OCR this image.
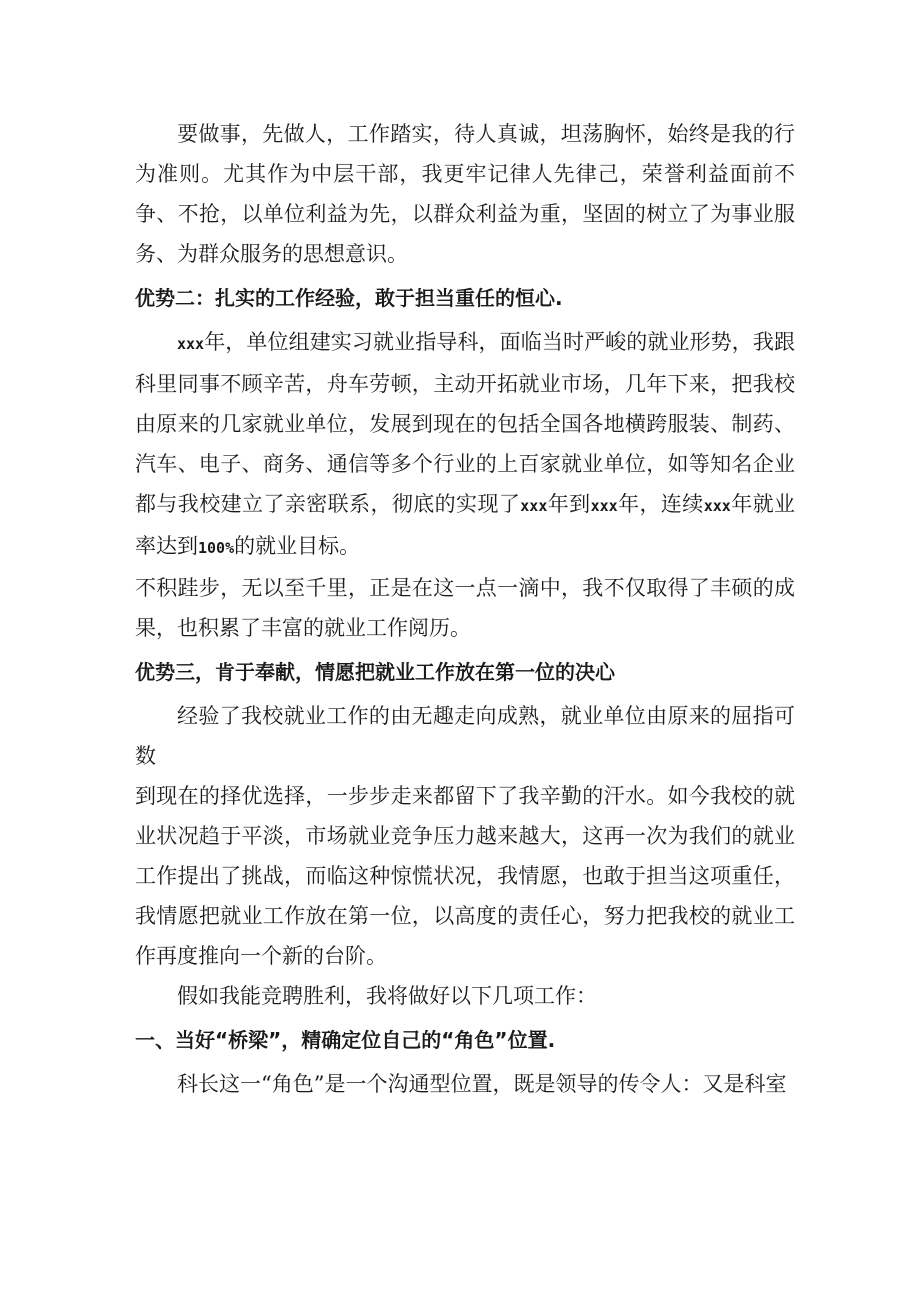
要做事，先做人，工作踏实，待人真诚，坦荡胸怀，始终是我的行为准则。尤其作为中层干部，我更牢记律人先律己，荣誉利益面前不争、不抢，以单位利益为先，以群众利益为重，坚固的树立了为事业服务、为群众服务的思想意识。

优势二：扎实的工作经验，敢于担当重任的恒心.

xxx年，单位组建实习就业指导科，面临当时严峻的就业形势，我跟科里同事不顾辛苦，舟车劳顿，主动开拓就业市场，几年下来，把我校由原来的几家就业单位，发展到现在的包括全国各地横跨服装、制药、汽车、电子、商务、通信等多个行业的上百家就业单位，如等知名企业都与我校建立了亲密联系，彻底的实现了xxx年到xxx年，连续xxx年就业率达到100%的就业目标。

不积跬步，无以至千里，正是在这一点一滴中，我不仅取得了丰硕的成果，也积累了丰富的就业工作阅历。

优势三，肯于奉献，情愿把就业工作放在第一位的决心

经验了我校就业工作的由无趣走向成熟，就业单位由原来的屈指可数

到现在的择优选择，一步步走来都留下了我辛勤的汗水。如今我校的就业状况趋于平淡，市场就业竞争压力越来越大，这再一次为我们的就业工作提出了挑战，而临这种惊慌状况，我情愿，也敢于担当这项重任，我情愿把就业工作放在第一位，以高度的责任心，努力把我校的就业工作再度推向一个新的台阶。

假如我能竞聘胜利，我将做好以下几项工作：

一、当好“桥梁”，精确定位自己的“角色”位置.

科长这一“角色”是一个沟通型位置，既是领导的传令人：又是科室
